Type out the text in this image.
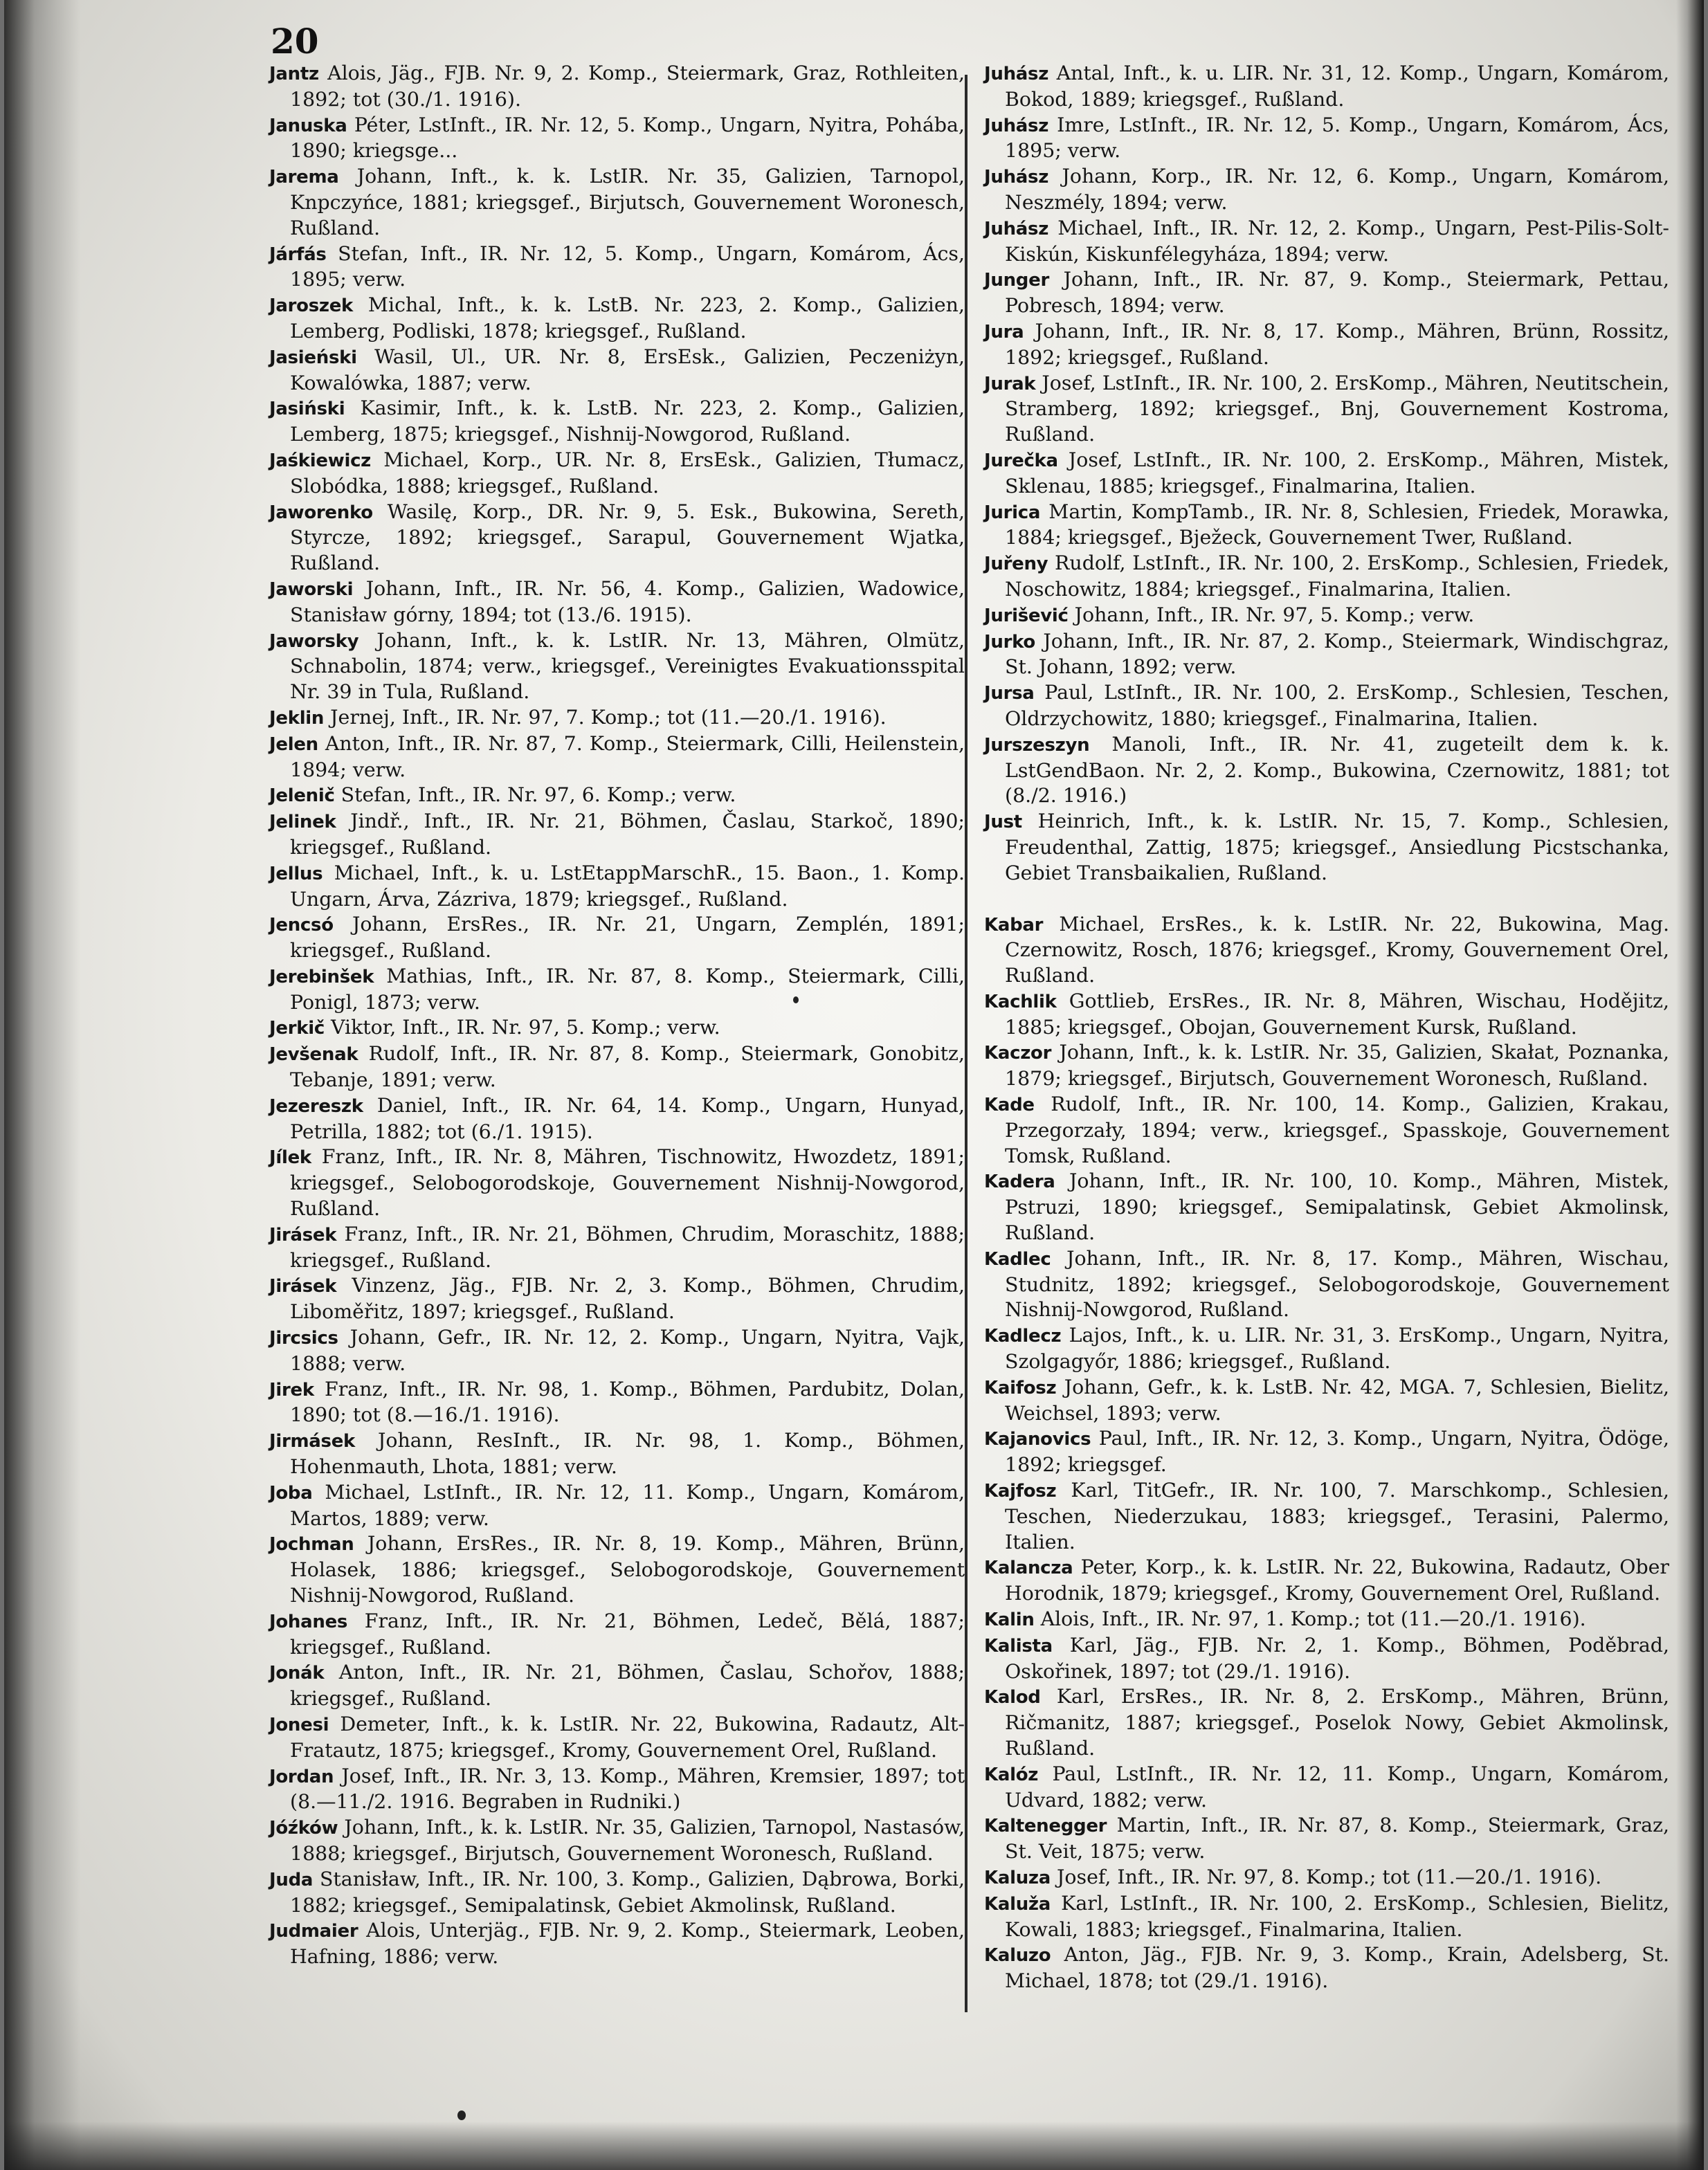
20

Jantz Alois, Jäg., FJB. Nr. 9, 2. Komp., Steiermark, Graz, Rothleiten, 1892; tot (30./1. 1916).

Januska Péter, LstInft., IR. Nr. 12, 5. Komp., Ungarn, Nyitra, Pohába, 1890; kriegsge...

Jarema Johann, Inft., k. k. LstIR. Nr. 35, Galizien, Tarnopol, Knpczyńce, 1881; kriegsgef., Birjutsch, Gouvernement Woronesch, Rußland.

Járfás Stefan, Inft., IR. Nr. 12, 5. Komp., Ungarn, Komárom, Ács, 1895; verw.

Jaroszek Michal, Inft., k. k. LstB. Nr. 223, 2. Komp., Galizien, Lemberg, Podliski, 1878; kriegsgef., Rußland.

Jasieński Wasil, Ul., UR. Nr. 8, ErsEsk., Galizien, Peczeniżyn, Kowalówka, 1887; verw.

Jasiński Kasimir, Inft., k. k. LstB. Nr. 223, 2. Komp., Galizien, Lemberg, 1875; kriegsgef., Nishnij-Nowgorod, Rußland.

Jaśkiewicz Michael, Korp., UR. Nr. 8, ErsEsk., Galizien, Tłumacz, Slobódka, 1888; kriegsgef., Rußland.

Jaworenko Wasilę, Korp., DR. Nr. 9, 5. Esk., Bukowina, Sereth, Styrcze, 1892; kriegsgef., Sarapul, Gouvernement Wjatka, Rußland.

Jaworski Johann, Inft., IR. Nr. 56, 4. Komp., Galizien, Wadowice, Stanisław górny, 1894; tot (13./6. 1915).

Jaworsky Johann, Inft., k. k. LstIR. Nr. 13, Mähren, Olmütz, Schnabolin, 1874; verw., kriegsgef., Vereinigtes Evakuationsspital Nr. 39 in Tula, Rußland.

Jeklin Jernej, Inft., IR. Nr. 97, 7. Komp.; tot (11.—20./1. 1916).

Jelen Anton, Inft., IR. Nr. 87, 7. Komp., Steiermark, Cilli, Heilenstein, 1894; verw.

Jelenič Stefan, Inft., IR. Nr. 97, 6. Komp.; verw.

Jelinek Jindř., Inft., IR. Nr. 21, Böhmen, Časlau, Starkoč, 1890; kriegsgef., Rußland.

Jellus Michael, Inft., k. u. LstEtappMarschR., 15. Baon., 1. Komp. Ungarn, Árva, Zázriva, 1879; kriegsgef., Rußland.

Jencsó Johann, ErsRes., IR. Nr. 21, Ungarn, Zemplén, 1891; kriegsgef., Rußland.

Jerebinšek Mathias, Inft., IR. Nr. 87, 8. Komp., Steiermark, Cilli, Ponigl, 1873; verw.

Jerkič Viktor, Inft., IR. Nr. 97, 5. Komp.; verw.

Jevšenak Rudolf, Inft., IR. Nr. 87, 8. Komp., Steiermark, Gonobitz, Tebanje, 1891; verw.

Jezereszk Daniel, Inft., IR. Nr. 64, 14. Komp., Ungarn, Hunyad, Petrilla, 1882; tot (6./1. 1915).

Jílek Franz, Inft., IR. Nr. 8, Mähren, Tischnowitz, Hwozdetz, 1891; kriegsgef., Selobogorodskoje, Gouvernement Nishnij-Nowgorod, Rußland.

Jirásek Franz, Inft., IR. Nr. 21, Böhmen, Chrudim, Moraschitz, 1888; kriegsgef., Rußland.

Jirásek Vinzenz, Jäg., FJB. Nr. 2, 3. Komp., Böhmen, Chrudim, Liboměřitz, 1897; kriegsgef., Rußland.

Jircsics Johann, Gefr., IR. Nr. 12, 2. Komp., Ungarn, Nyitra, Vajk, 1888; verw.

Jirek Franz, Inft., IR. Nr. 98, 1. Komp., Böhmen, Pardubitz, Dolan, 1890; tot (8.—16./1. 1916).

Jirmásek Johann, ResInft., IR. Nr. 98, 1. Komp., Böhmen, Hohenmauth, Lhota, 1881; verw.

Joba Michael, LstInft., IR. Nr. 12, 11. Komp., Ungarn, Komárom, Martos, 1889; verw.

Jochman Johann, ErsRes., IR. Nr. 8, 19. Komp., Mähren, Brünn, Holasek, 1886; kriegsgef., Selobogorodskoje, Gouvernement Nishnij-Nowgorod, Rußland.

Johanes Franz, Inft., IR. Nr. 21, Böhmen, Ledeč, Bělá, 1887; kriegsgef., Rußland.

Jonák Anton, Inft., IR. Nr. 21, Böhmen, Časlau, Schořov, 1888; kriegsgef., Rußland.

Jonesi Demeter, Inft., k. k. LstIR. Nr. 22, Bukowina, Radautz, Alt-Fratautz, 1875; kriegsgef., Kromy, Gouvernement Orel, Rußland.

Jordan Josef, Inft., IR. Nr. 3, 13. Komp., Mähren, Kremsier, 1897; tot (8.—11./2. 1916. Begraben in Rudniki.)

Jóźków Johann, Inft., k. k. LstIR. Nr. 35, Galizien, Tarnopol, Nastasów, 1888; kriegsgef., Birjutsch, Gouvernement Woronesch, Rußland.

Juda Stanisław, Inft., IR. Nr. 100, 3. Komp., Galizien, Dąbrowa, Borki, 1882; kriegsgef., Semipalatinsk, Gebiet Akmolinsk, Rußland.

Judmaier Alois, Unterjäg., FJB. Nr. 9, 2. Komp., Steiermark, Leoben, Hafning, 1886; verw.

Juhász Antal, Inft., k. u. LIR. Nr. 31, 12. Komp., Ungarn, Komárom, Bokod, 1889; kriegsgef., Rußland.

Juhász Imre, LstInft., IR. Nr. 12, 5. Komp., Ungarn, Komárom, Ács, 1895; verw.

Juhász Johann, Korp., IR. Nr. 12, 6. Komp., Ungarn, Komárom, Neszmély, 1894; verw.

Juhász Michael, Inft., IR. Nr. 12, 2. Komp., Ungarn, Pest-Pilis-Solt-Kiskún, Kiskunfélegyháza, 1894; verw.

Junger Johann, Inft., IR. Nr. 87, 9. Komp., Steiermark, Pettau, Pobresch, 1894; verw.

Jura Johann, Inft., IR. Nr. 8, 17. Komp., Mähren, Brünn, Rossitz, 1892; kriegsgef., Rußland.

Jurak Josef, LstInft., IR. Nr. 100, 2. ErsKomp., Mähren, Neutitschein, Stramberg, 1892; kriegsgef., Bnj, Gouvernement Kostroma, Rußland.

Jurečka Josef, LstInft., IR. Nr. 100, 2. ErsKomp., Mähren, Mistek, Sklenau, 1885; kriegsgef., Finalmarina, Italien.

Jurica Martin, KompTamb., IR. Nr. 8, Schlesien, Friedek, Morawka, 1884; kriegsgef., Bježeck, Gouvernement Twer, Rußland.

Juřeny Rudolf, LstInft., IR. Nr. 100, 2. ErsKomp., Schlesien, Friedek, Noschowitz, 1884; kriegsgef., Finalmarina, Italien.

Jurišević Johann, Inft., IR. Nr. 97, 5. Komp.; verw.

Jurko Johann, Inft., IR. Nr. 87, 2. Komp., Steiermark, Windischgraz, St. Johann, 1892; verw.

Jursa Paul, LstInft., IR. Nr. 100, 2. ErsKomp., Schlesien, Teschen, Oldrzychowitz, 1880; kriegsgef., Finalmarina, Italien.

Jurszeszyn Manoli, Inft., IR. Nr. 41, zugeteilt dem k. k. LstGendBaon. Nr. 2, 2. Komp., Bukowina, Czernowitz, 1881; tot (8./2. 1916.)

Just Heinrich, Inft., k. k. LstIR. Nr. 15, 7. Komp., Schlesien, Freudenthal, Zattig, 1875; kriegsgef., Ansiedlung Picstschanka, Gebiet Transbaikalien, Rußland.

Kabar Michael, ErsRes., k. k. LstIR. Nr. 22, Bukowina, Mag. Czernowitz, Rosch, 1876; kriegsgef., Kromy, Gouvernement Orel, Rußland.

Kachlik Gottlieb, ErsRes., IR. Nr. 8, Mähren, Wischau, Hodějitz, 1885; kriegsgef., Obojan, Gouvernement Kursk, Rußland.

Kaczor Johann, Inft., k. k. LstIR. Nr. 35, Galizien, Skałat, Poznanka, 1879; kriegsgef., Birjutsch, Gouvernement Woronesch, Rußland.

Kade Rudolf, Inft., IR. Nr. 100, 14. Komp., Galizien, Krakau, Przegorzały, 1894; verw., kriegsgef., Spasskoje, Gouvernement Tomsk, Rußland.

Kadera Johann, Inft., IR. Nr. 100, 10. Komp., Mähren, Mistek, Pstruzi, 1890; kriegsgef., Semipalatinsk, Gebiet Akmolinsk, Rußland.

Kadlec Johann, Inft., IR. Nr. 8, 17. Komp., Mähren, Wischau, Studnitz, 1892; kriegsgef., Selobogorodskoje, Gouvernement Nishnij-Nowgorod, Rußland.

Kadlecz Lajos, Inft., k. u. LIR. Nr. 31, 3. ErsKomp., Ungarn, Nyitra, Szolgagyőr, 1886; kriegsgef., Rußland.

Kaifosz Johann, Gefr., k. k. LstB. Nr. 42, MGA. 7, Schlesien, Bielitz, Weichsel, 1893; verw.

Kajanovics Paul, Inft., IR. Nr. 12, 3. Komp., Ungarn, Nyitra, Ödöge, 1892; kriegsgef.

Kajfosz Karl, TitGefr., IR. Nr. 100, 7. Marschkomp., Schlesien, Teschen, Niederzukau, 1883; kriegsgef., Terasini, Palermo, Italien.

Kalancza Peter, Korp., k. k. LstIR. Nr. 22, Bukowina, Radautz, Ober Horodnik, 1879; kriegsgef., Kromy, Gouvernement Orel, Rußland.

Kalin Alois, Inft., IR. Nr. 97, 1. Komp.; tot (11.—20./1. 1916).

Kalista Karl, Jäg., FJB. Nr. 2, 1. Komp., Böhmen, Poděbrad, Oskořinek, 1897; tot (29./1. 1916).

Kalod Karl, ErsRes., IR. Nr. 8, 2. ErsKomp., Mähren, Brünn, Ričmanitz, 1887; kriegsgef., Poselok Nowy, Gebiet Akmolinsk, Rußland.

Kalóz Paul, LstInft., IR. Nr. 12, 11. Komp., Ungarn, Komárom, Udvard, 1882; verw.

Kaltenegger Martin, Inft., IR. Nr. 87, 8. Komp., Steiermark, Graz, St. Veit, 1875; verw.

Kaluza Josef, Inft., IR. Nr. 97, 8. Komp.; tot (11.—20./1. 1916).

Kaluža Karl, LstInft., IR. Nr. 100, 2. ErsKomp., Schlesien, Bielitz, Kowali, 1883; kriegsgef., Finalmarina, Italien.

Kaluzo Anton, Jäg., FJB. Nr. 9, 3. Komp., Krain, Adelsberg, St. Michael, 1878; tot (29./1. 1916).
